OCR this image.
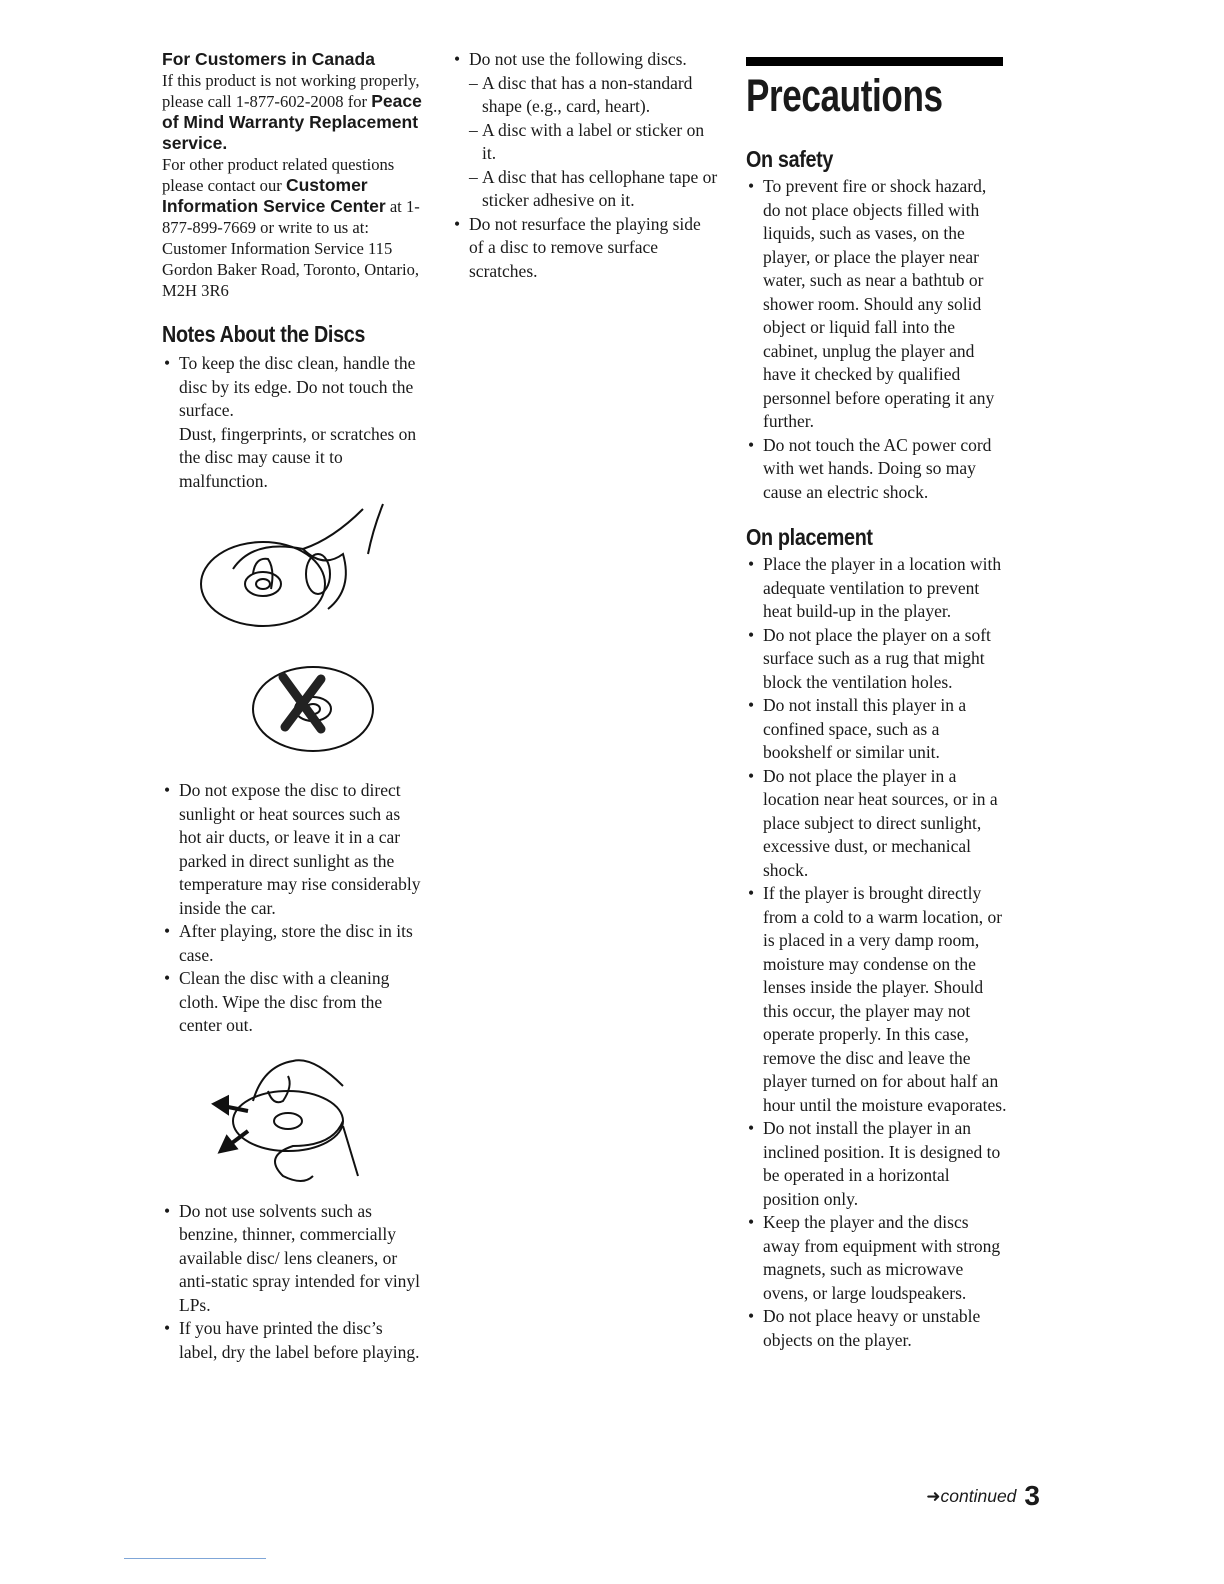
For Customers in Canada
If this product is not working properly, please call 1-877-602-2008 for Peace of Mind Warranty Replacement service.
For other product related questions please contact our Customer Information Service Center at 1-877-899-7669 or write to us at: Customer Information Service 115 Gordon Baker Road, Toronto, Ontario, M2H 3R6
Notes About the Discs
• To keep the disc clean, handle the disc by its edge. Do not touch the surface.
Dust, fingerprints, or scratches on the disc may cause it to malfunction.
• Do not expose the disc to direct sunlight or heat sources such as hot air ducts, or leave it in a car parked in direct sunlight as the temperature may rise considerably inside the car.
• After playing, store the disc in its case.
• Clean the disc with a cleaning cloth. Wipe the disc from the center out.
• Do not use solvents such as benzine, thinner, commercially available disc/ lens cleaners, or anti-static spray intended for vinyl LPs.
• If you have printed the disc’s label, dry the label before playing.
• Do not use the following discs.
– A disc that has a non-standard shape (e.g., card, heart).
– A disc with a label or sticker on it.
– A disc that has cellophane tape or sticker adhesive on it.
• Do not resurface the playing side of a disc to remove surface scratches.
Precautions
On safety
• To prevent fire or shock hazard, do not place objects filled with liquids, such as vases, on the player, or place the player near water, such as near a bathtub or shower room. Should any solid object or liquid fall into the cabinet, unplug the player and have it checked by qualified personnel before operating it any further.
• Do not touch the AC power cord with wet hands. Doing so may cause an electric shock.
On placement
• Place the player in a location with adequate ventilation to prevent heat build-up in the player.
• Do not place the player on a soft surface such as a rug that might block the ventilation holes.
• Do not install this player in a confined space, such as a bookshelf or similar unit.
• Do not place the player in a location near heat sources, or in a place subject to direct sunlight, excessive dust, or mechanical shock.
• If the player is brought directly from a cold to a warm location, or is placed in a very damp room, moisture may condense on the lenses inside the player. Should this occur, the player may not operate properly. In this case, remove the disc and leave the player turned on for about half an hour until the moisture evaporates.
• Do not install the player in an inclined position. It is designed to be operated in a horizontal position only.
• Keep the player and the discs away from equipment with strong magnets, such as microwave ovens, or large loudspeakers.
• Do not place heavy or unstable objects on the player.
➜continued 3
